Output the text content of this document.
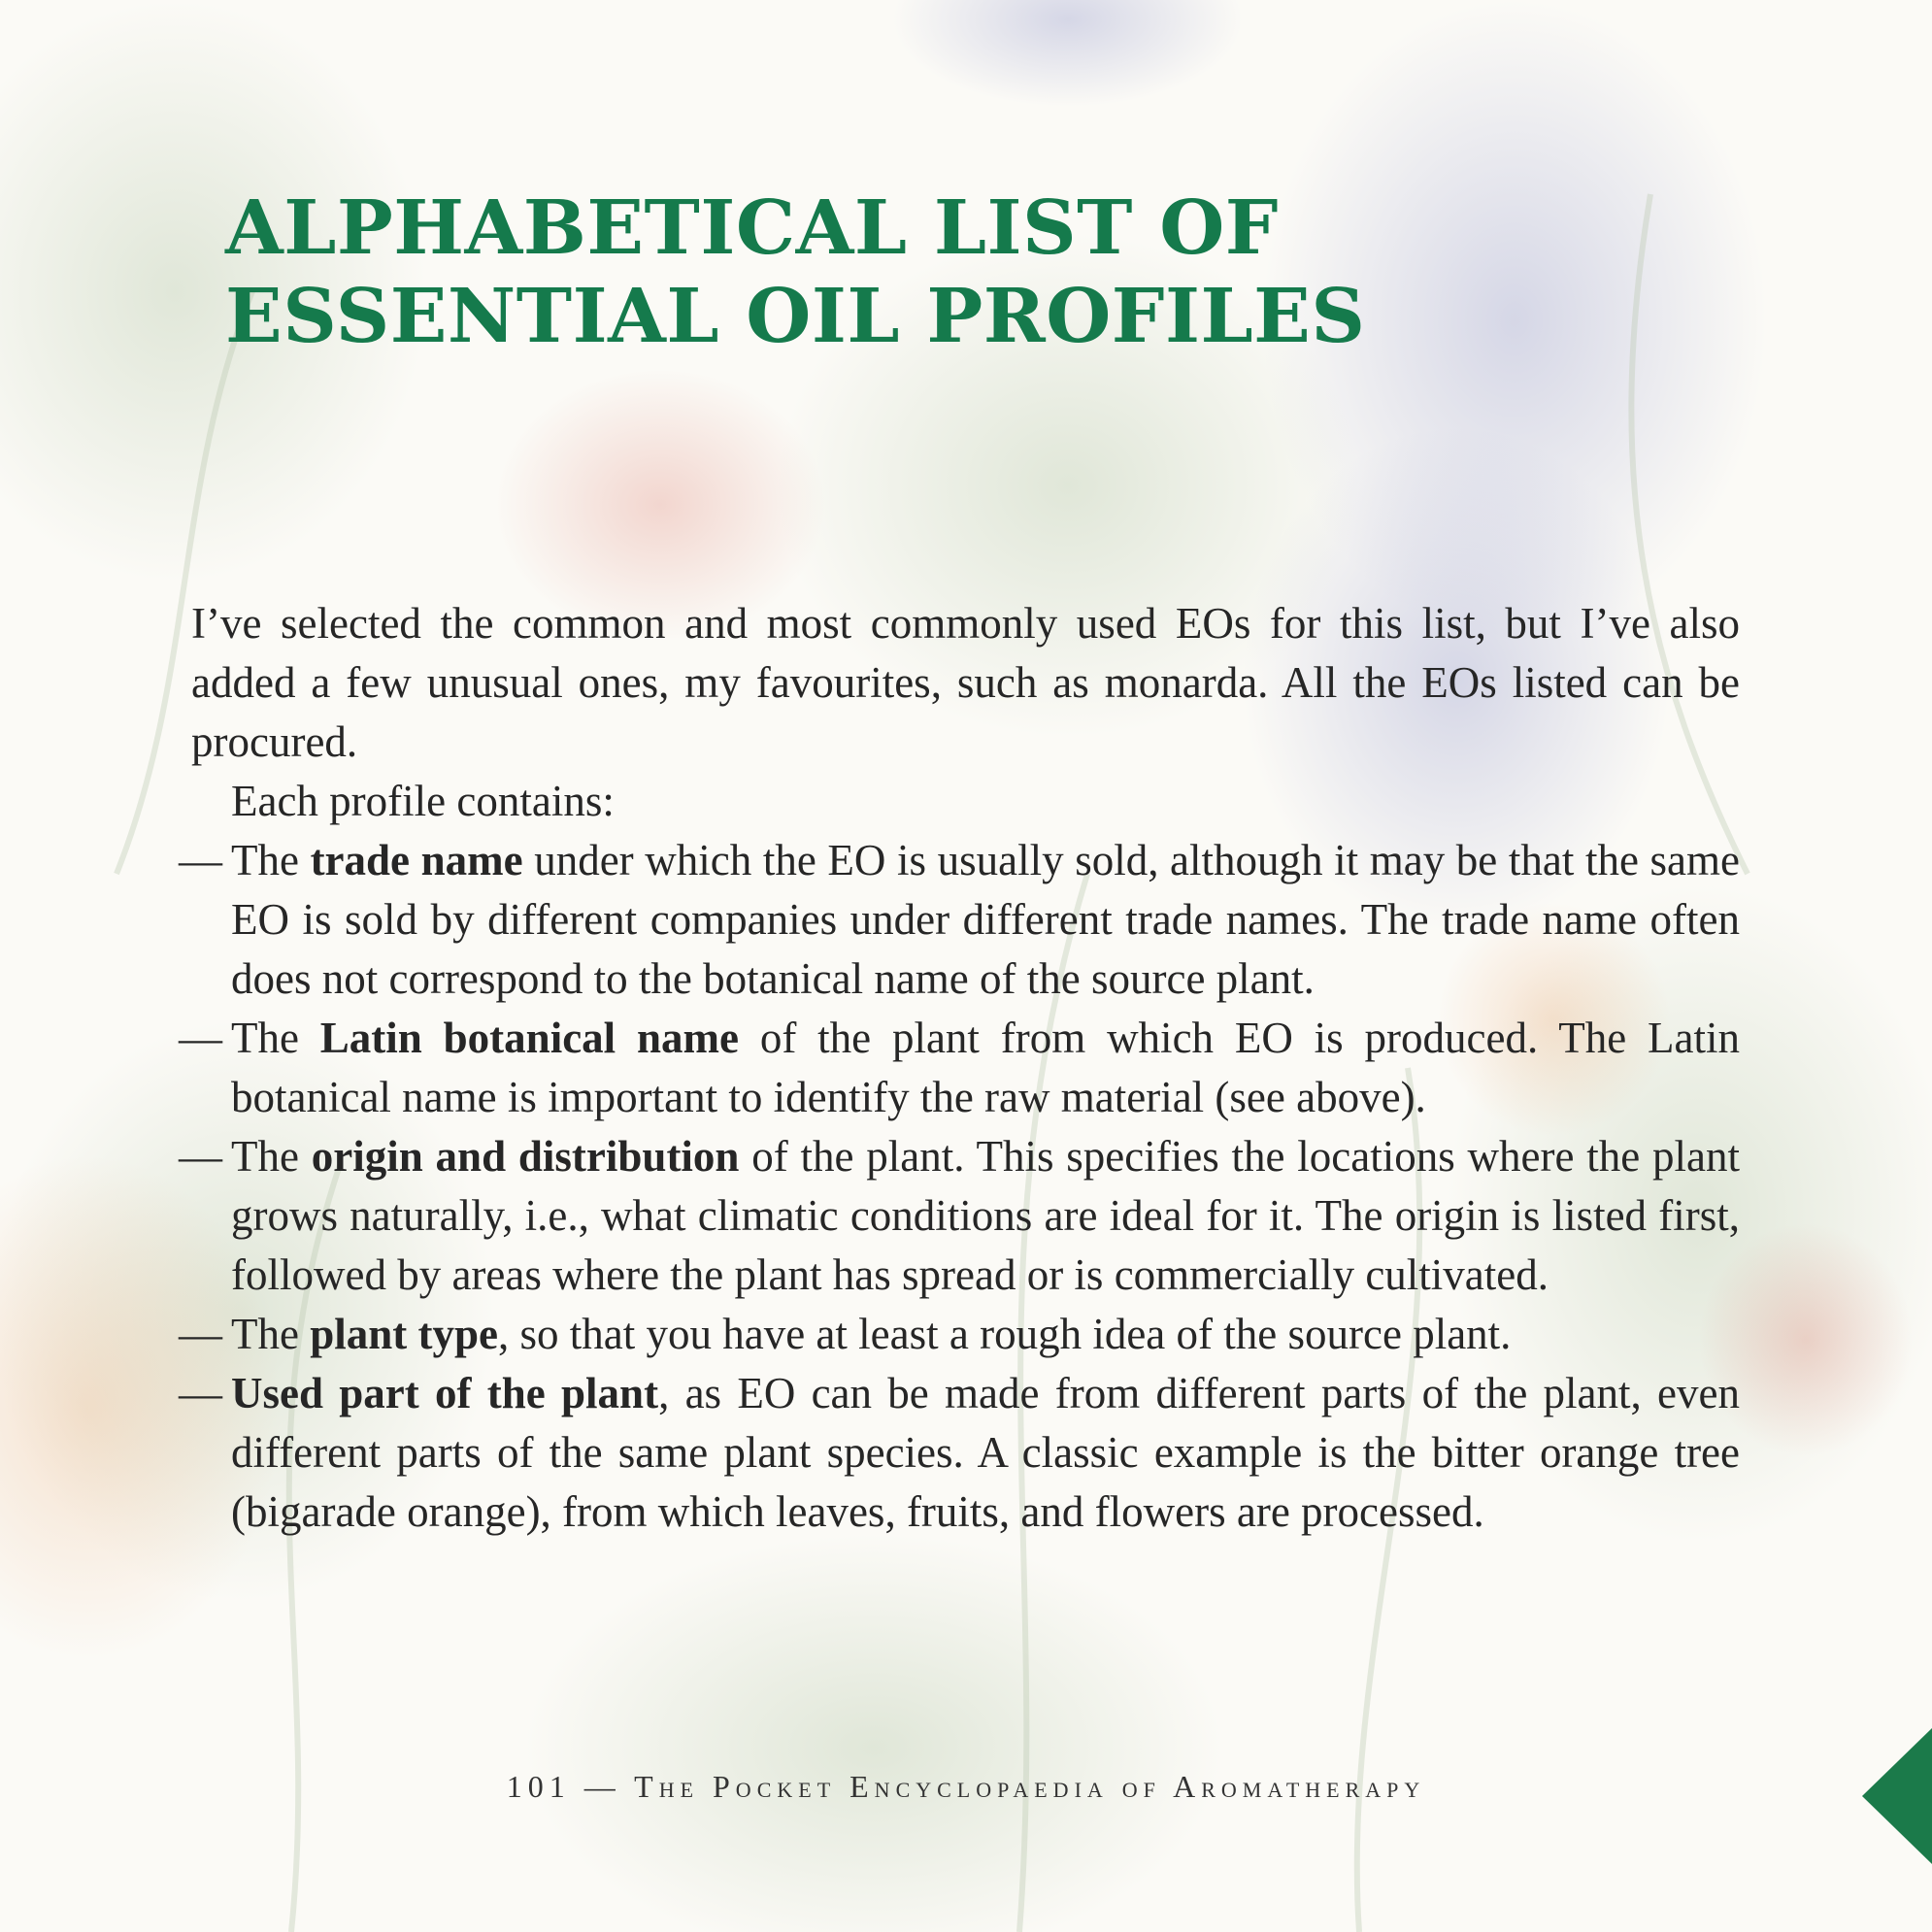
ALPHABETICAL LIST OF
ESSENTIAL OIL PROFILES

I’ve selected the common and most commonly used EOs for this list, but I’ve also added a few unusual ones, my favourites, such as monarda. All the EOs listed can be procured.

Each profile contains:

— The trade name under which the EO is usually sold, although it may be that the same EO is sold by different companies under different trade names. The trade name often does not correspond to the botanical name of the source plant.
— The Latin botanical name of the plant from which EO is produced. The Latin botanical name is important to identify the raw material (see above).
— The origin and distribution of the plant. This specifies the locations where the plant grows naturally, i.e., what climatic conditions are ideal for it. The origin is listed first, followed by areas where the plant has spread or is commercially cultivated.
— The plant type, so that you have at least a rough idea of the source plant.
— Used part of the plant, as EO can be made from different parts of the plant, even different parts of the same plant species. A classic example is the bitter orange tree (bigarade orange), from which leaves, fruits, and flowers are processed.
101 — The Pocket Encyclopaedia of Aromatherapy
